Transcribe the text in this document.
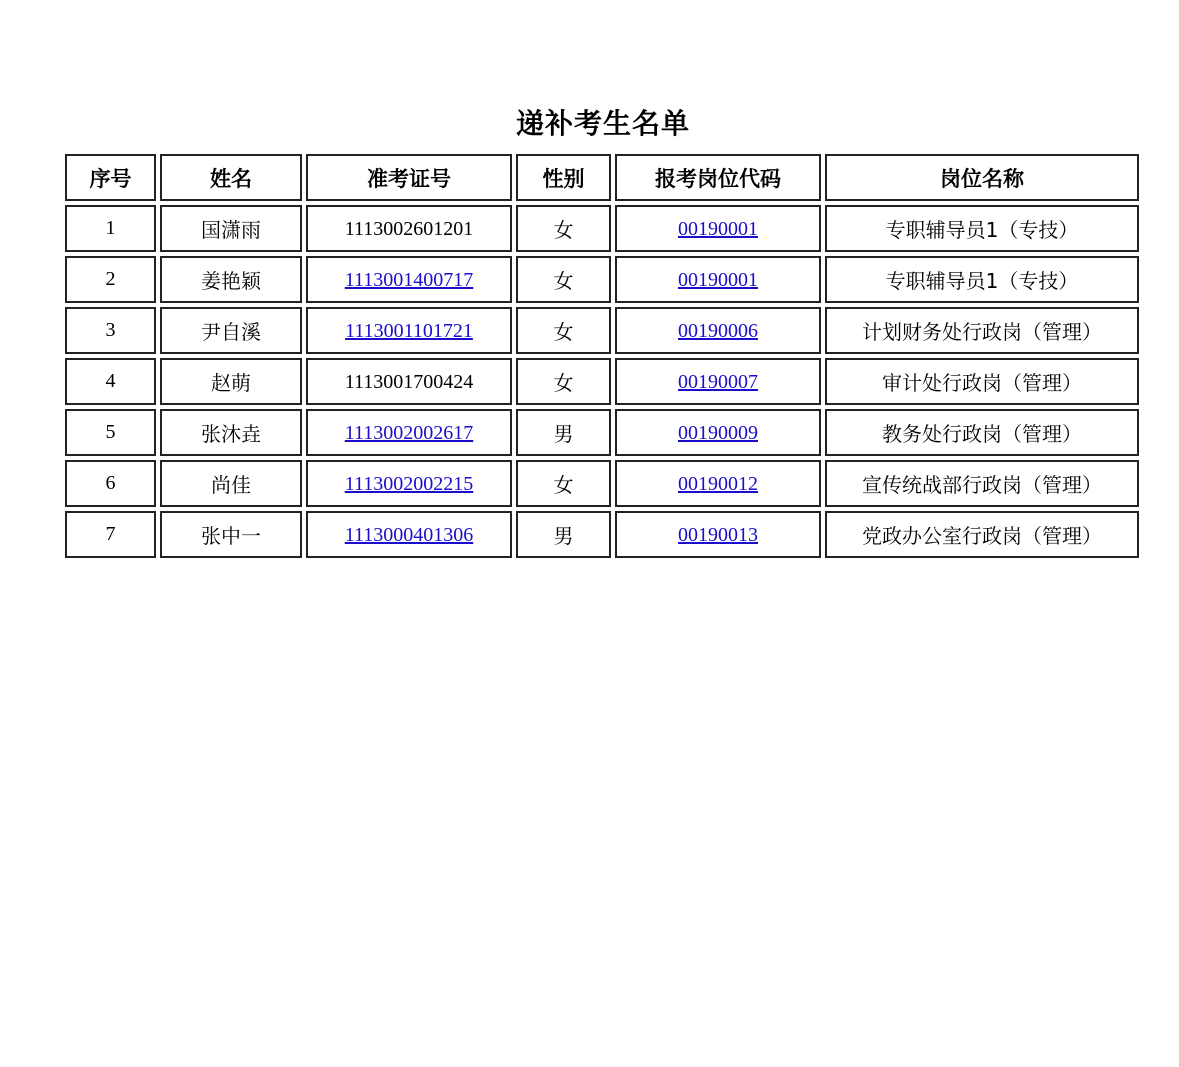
递补考生名单
序号	姓名	准考证号	性别	报考岗位代码	岗位名称
1	国潇雨	1113002601201	女	00190001	专职辅导员1（专技）
2	姜艳颖	1113001400717	女	00190001	专职辅导员1（专技）
3	尹自溪	1113001101721	女	00190006	计划财务处行政岗（管理）
4	赵萌	1113001700424	女	00190007	审计处行政岗（管理）
5	张沐垚	1113002002617	男	00190009	教务处行政岗（管理）
6	尚佳	1113002002215	女	00190012	宣传统战部行政岗（管理）
7	张中一	1113000401306	男	00190013	党政办公室行政岗（管理）
